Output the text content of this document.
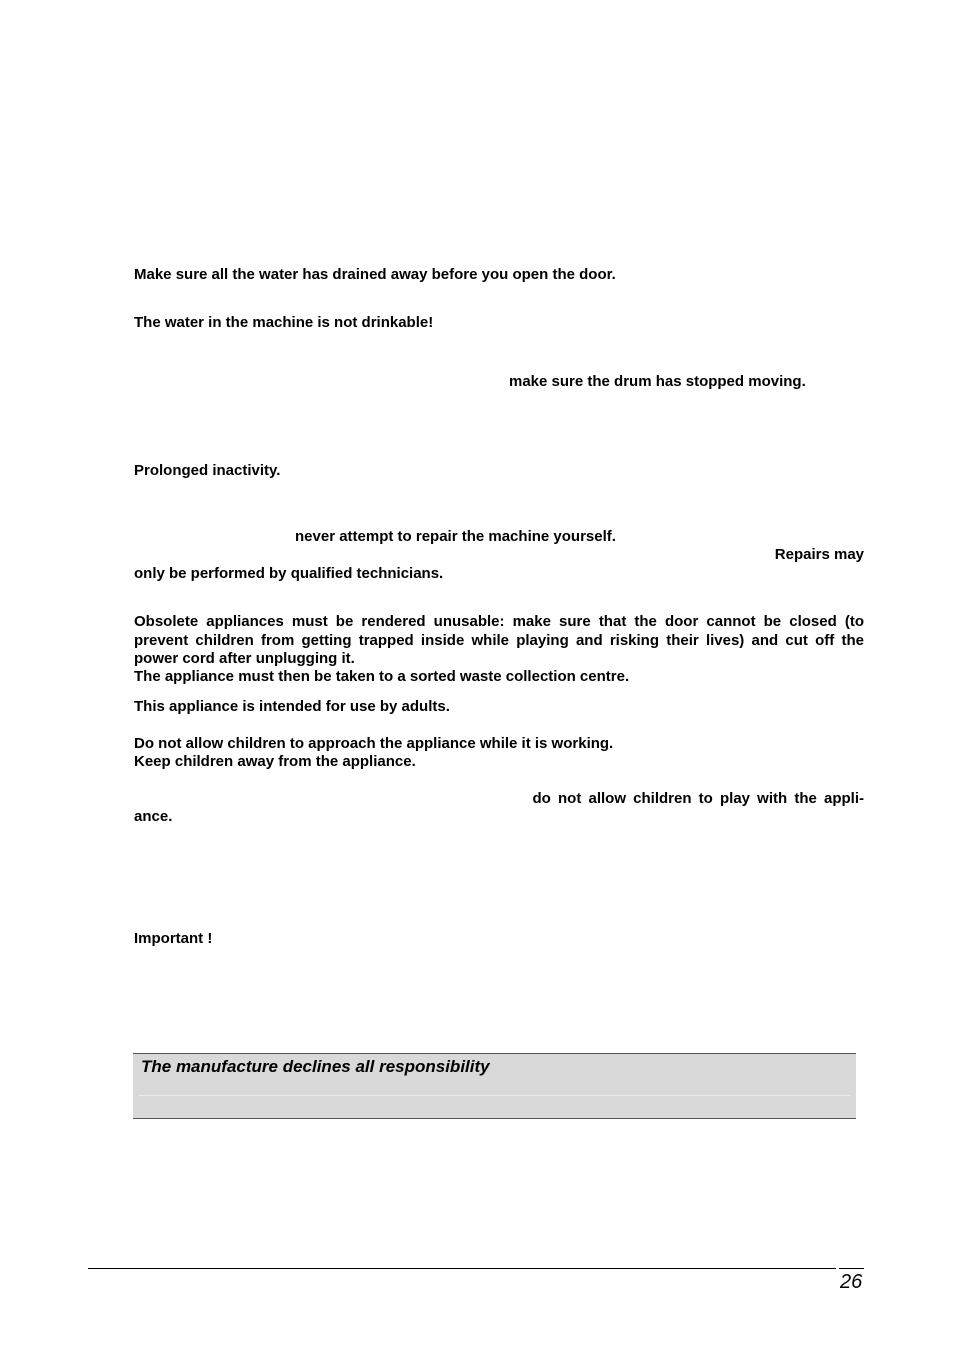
Make sure all the water has drained away before you open the door.
The water in the machine is not drinkable!
make sure the drum has stopped moving.
Prolonged inactivity.
never attempt to repair the machine yourself.
Repairs may
only be performed by qualified technicians.
Obsolete appliances must be rendered unusable: make sure that the door cannot be closed (to prevent children from getting trapped inside while playing and risking their lives) and cut off the power cord after unplugging it.
The appliance must then be taken to a sorted waste collection centre.
This appliance is intended for use by adults.
Do not allow children to approach the appliance while it is working.
Keep children away from the appliance.
do not allow children to play with the appli-
ance.
Important !
The manufacture declines all responsibility
26
